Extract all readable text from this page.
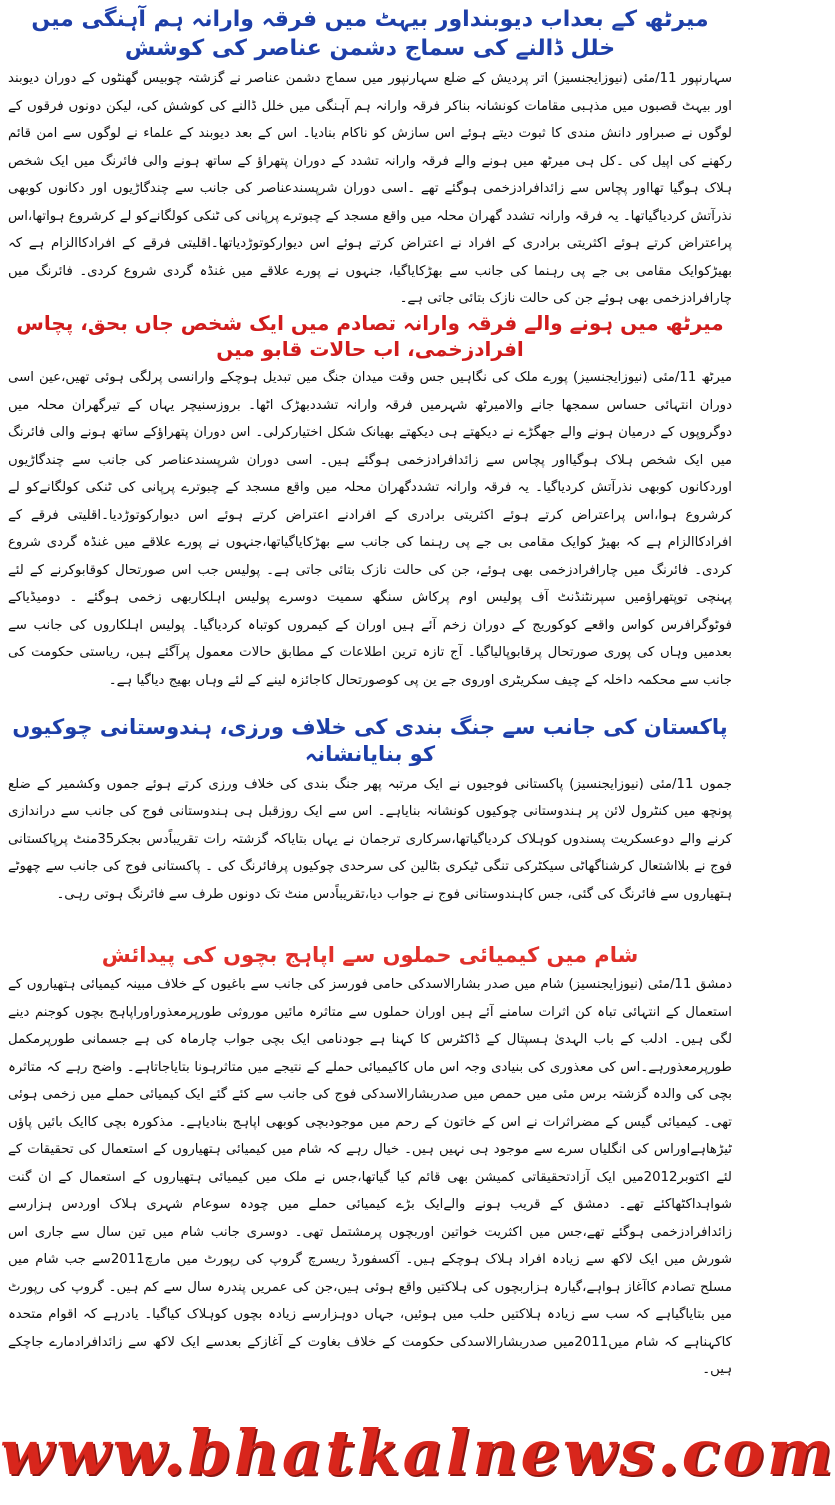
میرٹھ کے بعداب دیوبنداور بیہٹ میں فرقہ وارانہ ہم آہنگی میں خلل ڈالنے کی سماج دشمن عناصر کی کوشش

سہارنپور 11/مئی (نیوزایجنسیز) اتر پردیش کے ضلع سہارنپور میں سماج دشمن عناصر نے گزشتہ چوبیس گھنٹوں کے دوران دیوبند اور بیہٹ قصبوں میں مذہبی مقامات کونشانہ بناکر فرقہ وارانہ ہم آہنگی میں خلل ڈالنے کی کوشش کی، لیکن دونوں فرقوں کے لوگوں نے صبراور دانش مندی کا ثبوت دیتے ہوئے اس سازش کو ناکام بنادیا۔ اس کے بعد دیوبند کے علماء نے لوگوں سے امن قائم رکھنے کی اپیل کی ۔کل ہی میرٹھ میں ہونے والے فرقہ وارانہ تشدد کے دوران پتھراؤ کے ساتھ ہونے والی فائرنگ میں ایک شخص ہلاک ہوگیا تھااور پچاس سے زائدافرادزخمی ہوگئے تھے ۔اسی دوران شرپسندعناصر کی جانب سے چندگاڑیوں اور دکانوں کوبھی نذرآتش کردیاگیاتھا۔ یہ فرقہ وارانہ تشدد گھران محلہ میں واقع مسجد کے چبوترے پرپانی کی ٹنکی کولگانےکو لے کرشروع ہواتھا،اس پراعتراض کرتے ہوئے اکثریتی برادری کے افراد نے اعتراض کرتے ہوئے اس دیوارکوتوڑدیاتھا۔اقلیتی فرقے کے افرادکاالزام ہے کہ بھیڑکوایک مقامی بی جے پی رہنما کی جانب سے بھڑکایاگیا، جنہوں نے پورے علاقے میں غنڈہ گردی شروع کردی۔ فائرنگ میں چارافرادزخمی بھی ہوئے جن کی حالت نازک بتائی جاتی ہے۔

میرٹھ میں ہونے والے فرقہ وارانہ تصادم میں ایک شخص جاں بحق، پچاس افرادزخمی، اب حالات قابو میں

میرٹھ 11/مئی (نیوزایجنسیز) پورے ملک کی نگاہیں جس وقت میدان جنگ میں تبدیل ہوچکے وارانسی پرلگی ہوئی تھیں،عین اسی دوران انتہائی حساس سمجھا جانے والامیرٹھ شہرمیں فرقہ وارانہ تشددبھڑک اٹھا۔ بروزسنیچر یہاں کے تیرگھران محلہ میں دوگروپوں کے درمیان ہونے والے جھگڑے نے دیکھتے ہی دیکھتے بھیانک شکل اختیارکرلی۔ اس دوران پتھراؤکے ساتھ ہونے والی فائرنگ میں ایک شخص ہلاک ہوگیااور پچاس سے زائدافرادزخمی ہوگئے ہیں۔ اسی دوران شرپسندعناصر کی جانب سے چندگاڑیوں اوردکانوں کوبھی نذرآتش کردیاگیا۔ یہ فرقہ وارانہ تشددگھران محلہ میں واقع مسجد کے چبوترے پرپانی کی ٹنکی کولگانےکو لے کرشروع ہوا،اس پراعتراض کرتے ہوئے اکثریتی برادری کے افرادنے اعتراض کرتے ہوئے اس دیوارکوتوڑدیا۔اقلیتی فرقے کے افرادکاالزام ہے کہ بھیڑ کوایک مقامی بی جے پی رہنما کی جانب سے بھڑکایاگیاتھا،جنہوں نے پورے علاقے میں غنڈہ گردی شروع کردی۔ فائرنگ میں چارافرادزخمی بھی ہوئے، جن کی حالت نازک بتائی جاتی ہے۔ پولیس جب اس صورتحال کوقابوکرنے کے لئے پہنچی توپتھراؤمیں سپرنٹنڈنٹ آف پولیس اوم پرکاش سنگھ سمیت دوسرے پولیس اہلکاربھی زخمی ہوگئے ۔ دومیڈیاکے فوٹوگرافرس کواس واقعے کوکوریج کے دوران زخم آئے ہیں اوران کے کیمروں کوتباہ کردیاگیا۔ پولیس اہلکاروں کی جانب سے بعدمیں وہاں کی پوری صورتحال پرقابوپالیاگیا۔ آج تازہ ترین اطلاعات کے مطابق حالات معمول پرآگئے ہیں، ریاستی حکومت کی جانب سے محکمہ داخلہ کے چیف سکریٹری اوروی جے ین پی کوصورتحال کاجائزہ لینے کے لئے وہاں بھیج دیاگیا ہے۔

پاکستان کی جانب سے جنگ بندی کی خلاف ورزی، ہندوستانی چوکیوں کو بنایانشانہ

جموں 11/مئی (نیوزایجنسیز) پاکستانی فوجیوں نے ایک مرتبہ پھر جنگ بندی کی خلاف ورزی کرتے ہوئے جموں وکشمیر کے ضلع پونچھ میں کنٹرول لائن پر ہندوستانی چوکیوں کونشانہ بنایاہے۔ اس سے ایک روزقبل ہی ہندوستانی فوج کی جانب سے دراندازی کرنے والے دوعسکریت پسندوں کوہلاک کردیاگیاتھا،سرکاری ترجمان نے یہاں بتایاکہ گزشتہ رات تقریباًدس بجکر35منٹ پرپاکستانی فوج نے بلااشتعال کرشناگھاٹی سیکٹرکی تنگی ٹیکری بٹالین کی سرحدی چوکیوں پرفائرنگ کی ۔ پاکستانی فوج کی جانب سے چھوٹے ہتھیاروں سے فائرنگ کی گئی، جس کاہندوستانی فوج نے جواب دیا،تقریباًدس منٹ تک دونوں طرف سے فائرنگ ہوتی رہی۔

شام میں کیمیائی حملوں سے اپاہج بچوں کی پیدائش

دمشق 11/مئی (نیوزایجنسیز) شام میں صدر بشارالاسدکی حامی فورسز کی جانب سے باغیوں کے خلاف مبینہ کیمیائی ہتھیاروں کے استعمال کے انتہائی تباہ کن اثرات سامنے آئے ہیں اوران حملوں سے متاثرہ مائیں موروثی طورپرمعذوراوراپاہج بچوں کوجنم دینے لگی ہیں۔ ادلب کے باب الہدیٰ ہسپتال کے ڈاکٹرس کا کہنا ہے جودنامی ایک بچی جواب چارماہ کی ہے جسمانی طورپرمکمل طورپرمعذورہے۔اس کی معذوری کی بنیادی وجہ اس ماں کاکیمیائی حملے کے نتیجے میں متاثرہونا بتایاجاتاہے۔ واضح رہے کہ متاثرہ بچی کی والدہ گزشتہ برس مئی میں حمص میں صدربشارالاسدکی فوج کی جانب سے کئے گئے ایک کیمیائی حملے میں زخمی ہوئی تھی۔ کیمیائی گیس کے مضراثرات نے اس کے خاتون کے رحم میں موجودبچی کوبھی اپاہج بنادیاہے۔ مذکورہ بچی کاایک بائیں پاؤں ٹیڑھاہےاوراس کی انگلیاں سرے سے موجود ہی نہیں ہیں۔ خیال رہے کہ شام میں کیمیائی ہتھیاروں کے استعمال کی تحقیقات کے لئے اکتوبر2012میں ایک آزادتحقیقاتی کمیشن بھی قائم کیا گیاتھا،جس نے ملک میں کیمیائی ہتھیاروں کے استعمال کے ان گنت شواہداکٹھاکئے تھے۔ دمشق کے قریب ہونے والےایک بڑے کیمیائی حملے میں چودہ سوعام شہری ہلاک اوردس ہزارسے زائدافرادزخمی ہوگئے تھے،جس میں اکثریت خواتین اوربچوں پرمشتمل تھی۔ دوسری جانب شام میں تین سال سے جاری اس شورش میں ایک لاکھ سے زیادہ افراد ہلاک ہوچکے ہیں۔ آکسفورڈ ریسرچ گروپ کی رپورٹ میں مارچ2011سے جب شام میں مسلح تصادم کاآغاز ہواہے،گیارہ ہزاربچوں کی ہلاکتیں واقع ہوئی ہیں،جن کی عمریں پندرہ سال سے کم ہیں۔ گروپ کی رپورٹ میں بتایاگیاہے کہ سب سے زیادہ ہلاکتیں حلب میں ہوئیں، جہاں دوہزارسے زیادہ بچوں کوہلاک کیاگیا۔ یادرہے کہ اقوام متحدہ کاکہناہے کہ شام میں2011میں صدربشارالاسدکی حکومت کے خلاف بغاوت کے آغازکے بعدسے ایک لاکھ سے زائدافرادمارے جاچکے ہیں۔

www.bhatkalnews.com
